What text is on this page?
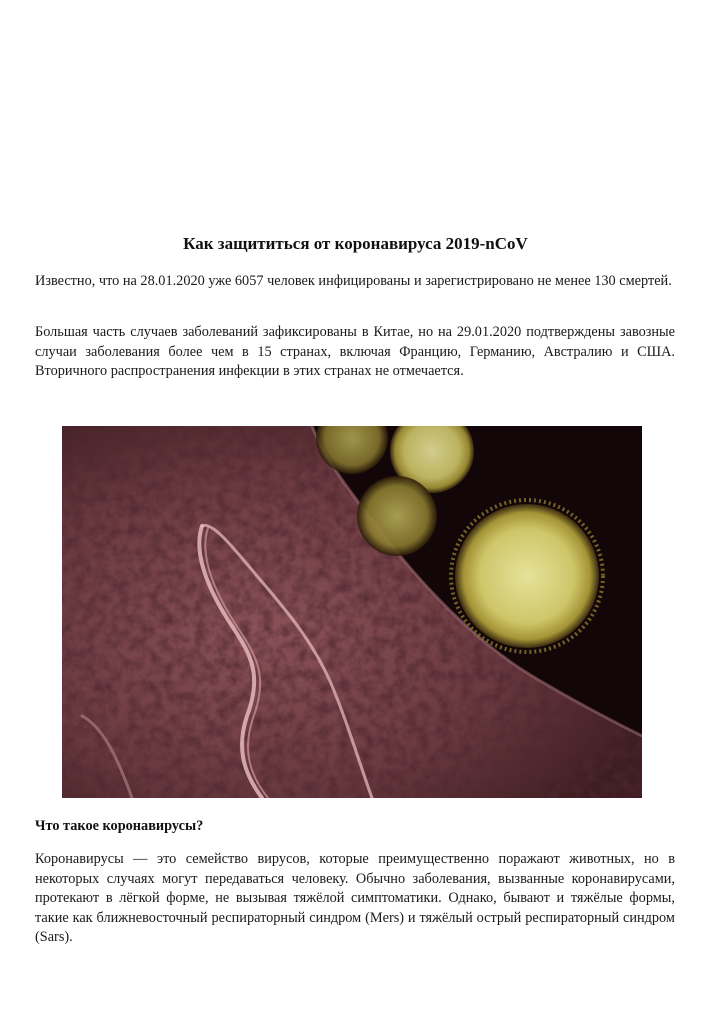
Как защититься от коронавируса 2019-nCoV

Известно, что на 28.01.2020 уже 6057 человек инфицированы и зарегистрировано не менее 130 смертей.

Большая часть случаев заболеваний зафиксированы в Китае, но на 29.01.2020 подтверждены завозные случаи заболевания более чем в 15 странах, включая Францию, Германию, Австралию и США. Вторичного распространения инфекции в этих странах не отмечается.

Что такое коронавирусы?

Коронавирусы — это семейство вирусов, которые преимущественно поражают животных, но в некоторых случаях могут передаваться человеку. Обычно заболевания, вызванные коронавирусами, протекают в лёгкой форме, не вызывая тяжёлой симптоматики. Однако, бывают и тяжёлые формы, такие как ближневосточный респираторный синдром (Mers) и тяжёлый острый респираторный синдром (Sars).
